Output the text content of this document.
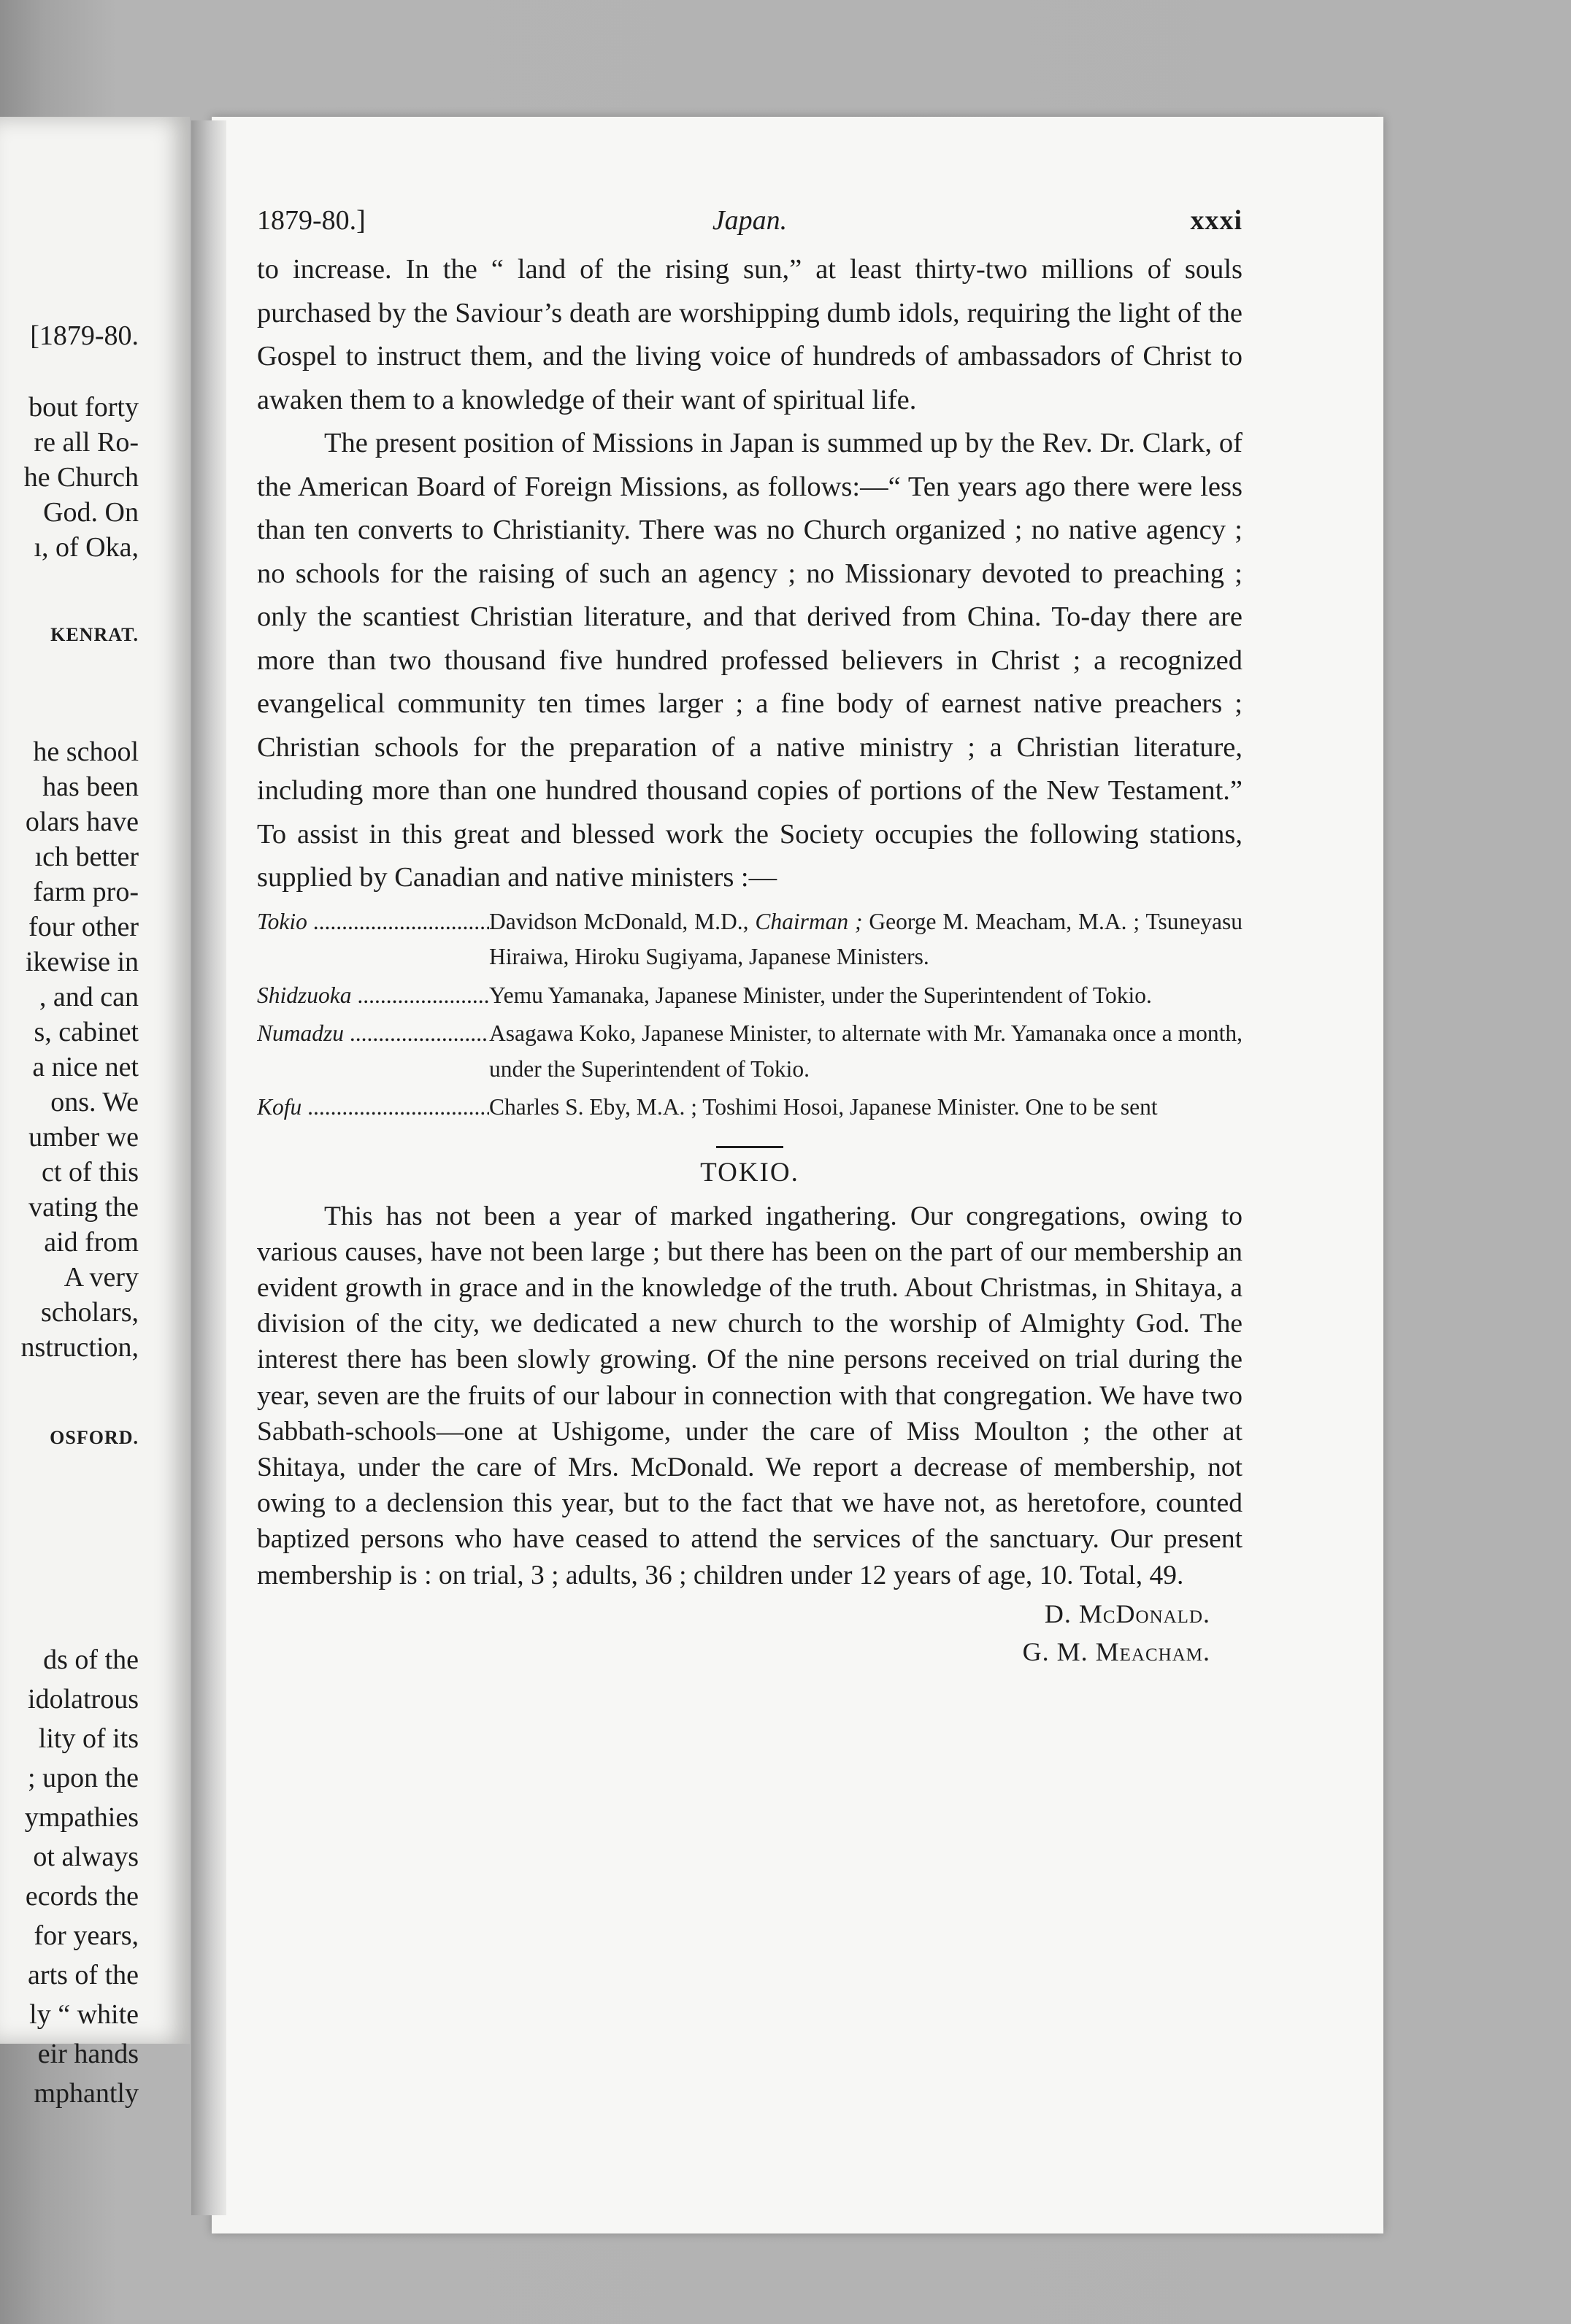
[1879-80.
bout forty
re all Ro-
he Church
God. On
ı, of Oka,
KENRAT.
he school
has been
olars have
ıch better
farm pro-
four other
ikewise in
, and can
s, cabinet
a nice net
ons. We
umber we
ct of this
vating the
aid from
A very
scholars,
nstruction,
OSFORD.
ds of the
idolatrous
lity of its
; upon the
ympathies
ot always
ecords the
for years,
arts of the
ly “ white
eir hands
mphantly
1879-80.]	Japan.	xxxi

to increase. In the “ land of the rising sun,” at least thirty-two millions of souls purchased by the Saviour’s death are worshipping dumb idols, requiring the light of the Gospel to instruct them, and the living voice of hundreds of ambassadors of Christ to awaken them to a knowledge of their want of spiritual life.

The present position of Missions in Japan is summed up by the Rev. Dr. Clark, of the American Board of Foreign Missions, as follows:—“ Ten years ago there were less than ten converts to Christianity. There was no Church organized ; no native agency ; no schools for the raising of such an agency ; no Missionary devoted to preaching ; only the scantiest Christian literature, and that derived from China. To-day there are more than two thousand five hundred professed believers in Christ ; a recognized evangelical community ten times larger ; a fine body of earnest native preachers ; Christian schools for the preparation of a native ministry ; a Christian literature, including more than one hundred thousand copies of portions of the New Testament.” To assist in this great and blessed work the Society occupies the following stations, supplied by Canadian and native ministers :—

Tokio .....	Davidson McDonald, M.D., Chairman ; George M. Meacham, M.A. ; Tsuneyasu Hiraiwa, Hiroku Sugiyama, Japanese Ministers.
Shidzuoka .....	Yemu Yamanaka, Japanese Minister, under the Superintendent of Tokio.
Numadzu .....	Asagawa Koko, Japanese Minister, to alternate with Mr. Yamanaka once a month, under the Superintendent of Tokio.
Kofu .....	Charles S. Eby, M.A. ; Toshimi Hosoi, Japanese Minister. One to be sent
TOKIO.

This has not been a year of marked ingathering. Our congregations, owing to various causes, have not been large ; but there has been on the part of our membership an evident growth in grace and in the knowledge of the truth. About Christmas, in Shitaya, a division of the city, we dedicated a new church to the worship of Almighty God. The interest there has been slowly growing. Of the nine persons received on trial during the year, seven are the fruits of our labour in connection with that congregation. We have two Sabbath-schools—one at Ushigome, under the care of Miss Moulton ; the other at Shitaya, under the care of Mrs. McDonald. We report a decrease of membership, not owing to a declension this year, but to the fact that we have not, as heretofore, counted baptized persons who have ceased to attend the services of the sanctuary. Our present membership is : on trial, 3 ; adults, 36 ; children under 12 years of age, 10. Total, 49.

D. McDonald.
G. M. Meacham.
